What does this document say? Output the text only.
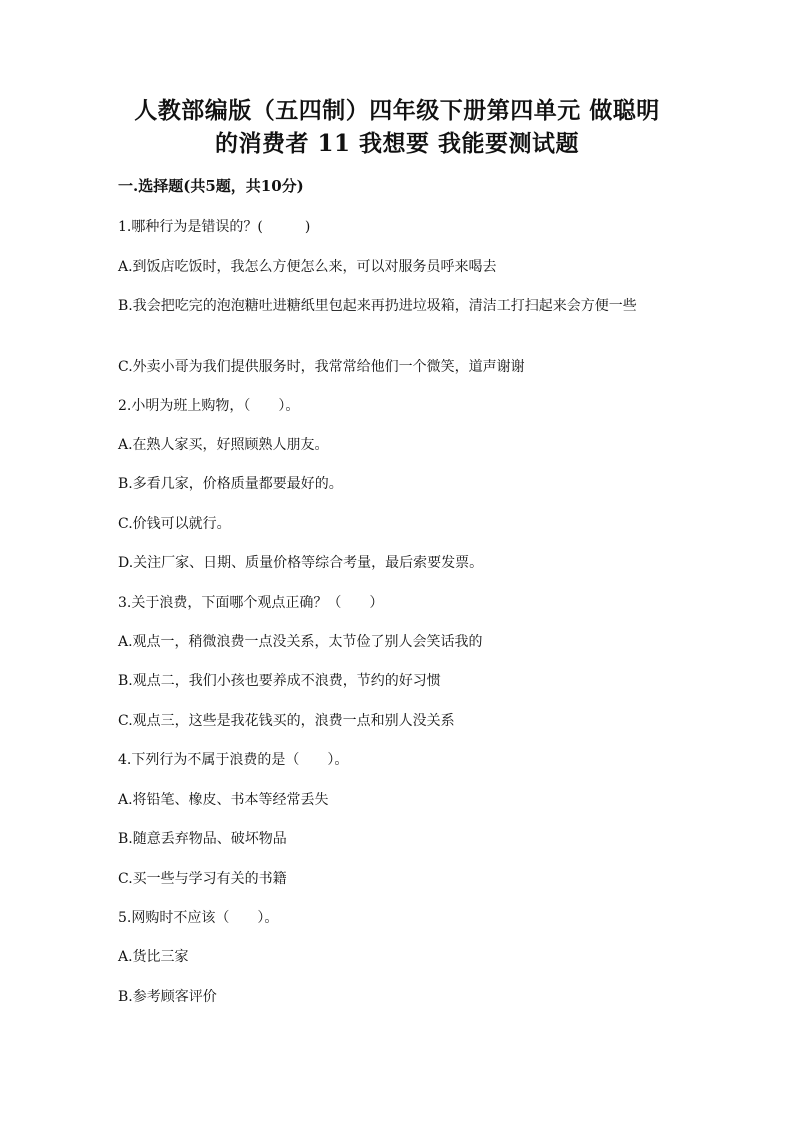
人教部编版（五四制）四年级下册第四单元 做聪明
的消费者 11 我想要 我能要测试题
一.选择题(共5题，共10分)
1.哪种行为是错误的？(　　　)
A.到饭店吃饭时，我怎么方便怎么来，可以对服务员呼来喝去
B.我会把吃完的泡泡糖吐进糖纸里包起来再扔进垃圾箱，清洁工打扫起来会方便一些
C.外卖小哥为我们提供服务时，我常常给他们一个微笑，道声谢谢
2.小明为班上购物，（　　）。
A.在熟人家买，好照顾熟人朋友。
B.多看几家，价格质量都要最好的。
C.价钱可以就行。
D.关注厂家、日期、质量价格等综合考量，最后索要发票。
3.关于浪费，下面哪个观点正确？（　　）
A.观点一，稍微浪费一点没关系，太节俭了别人会笑话我的
B.观点二，我们小孩也要养成不浪费，节约的好习惯
C.观点三，这些是我花钱买的，浪费一点和别人没关系
4.下列行为不属于浪费的是（　　）。
A.将铅笔、橡皮、书本等经常丢失
B.随意丢弃物品、破坏物品
C.买一些与学习有关的书籍
5.网购时不应该（　　）。
A.货比三家
B.参考顾客评价
